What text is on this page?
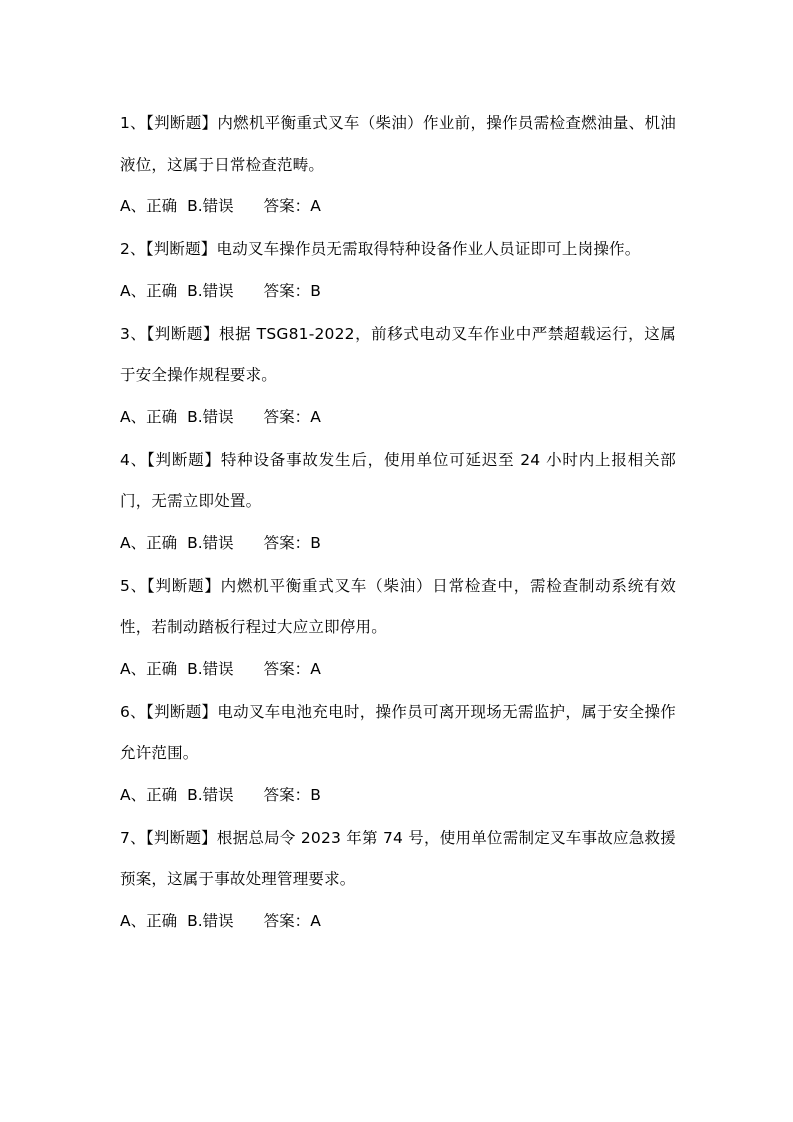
1、【判断题】内燃机平衡重式叉车（柴油）作业前，操作员需检查燃油量、机油液位，这属于日常检查范畴。

A、正确 B.错误 答案：A

2、【判断题】电动叉车操作员无需取得特种设备作业人员证即可上岗操作。

A、正确 B.错误 答案：B

3、【判断题】根据 TSG81-2022，前移式电动叉车作业中严禁超载运行，这属于安全操作规程要求。

A、正确 B.错误 答案：A

4、【判断题】特种设备事故发生后，使用单位可延迟至 24 小时内上报相关部门，无需立即处置。

A、正确 B.错误 答案：B

5、【判断题】内燃机平衡重式叉车（柴油）日常检查中，需检查制动系统有效性，若制动踏板行程过大应立即停用。

A、正确 B.错误 答案：A

6、【判断题】电动叉车电池充电时，操作员可离开现场无需监护，属于安全操作允许范围。

A、正确 B.错误 答案：B

7、【判断题】根据总局令 2023 年第 74 号，使用单位需制定叉车事故应急救援预案，这属于事故处理管理要求。

A、正确 B.错误 答案：A
